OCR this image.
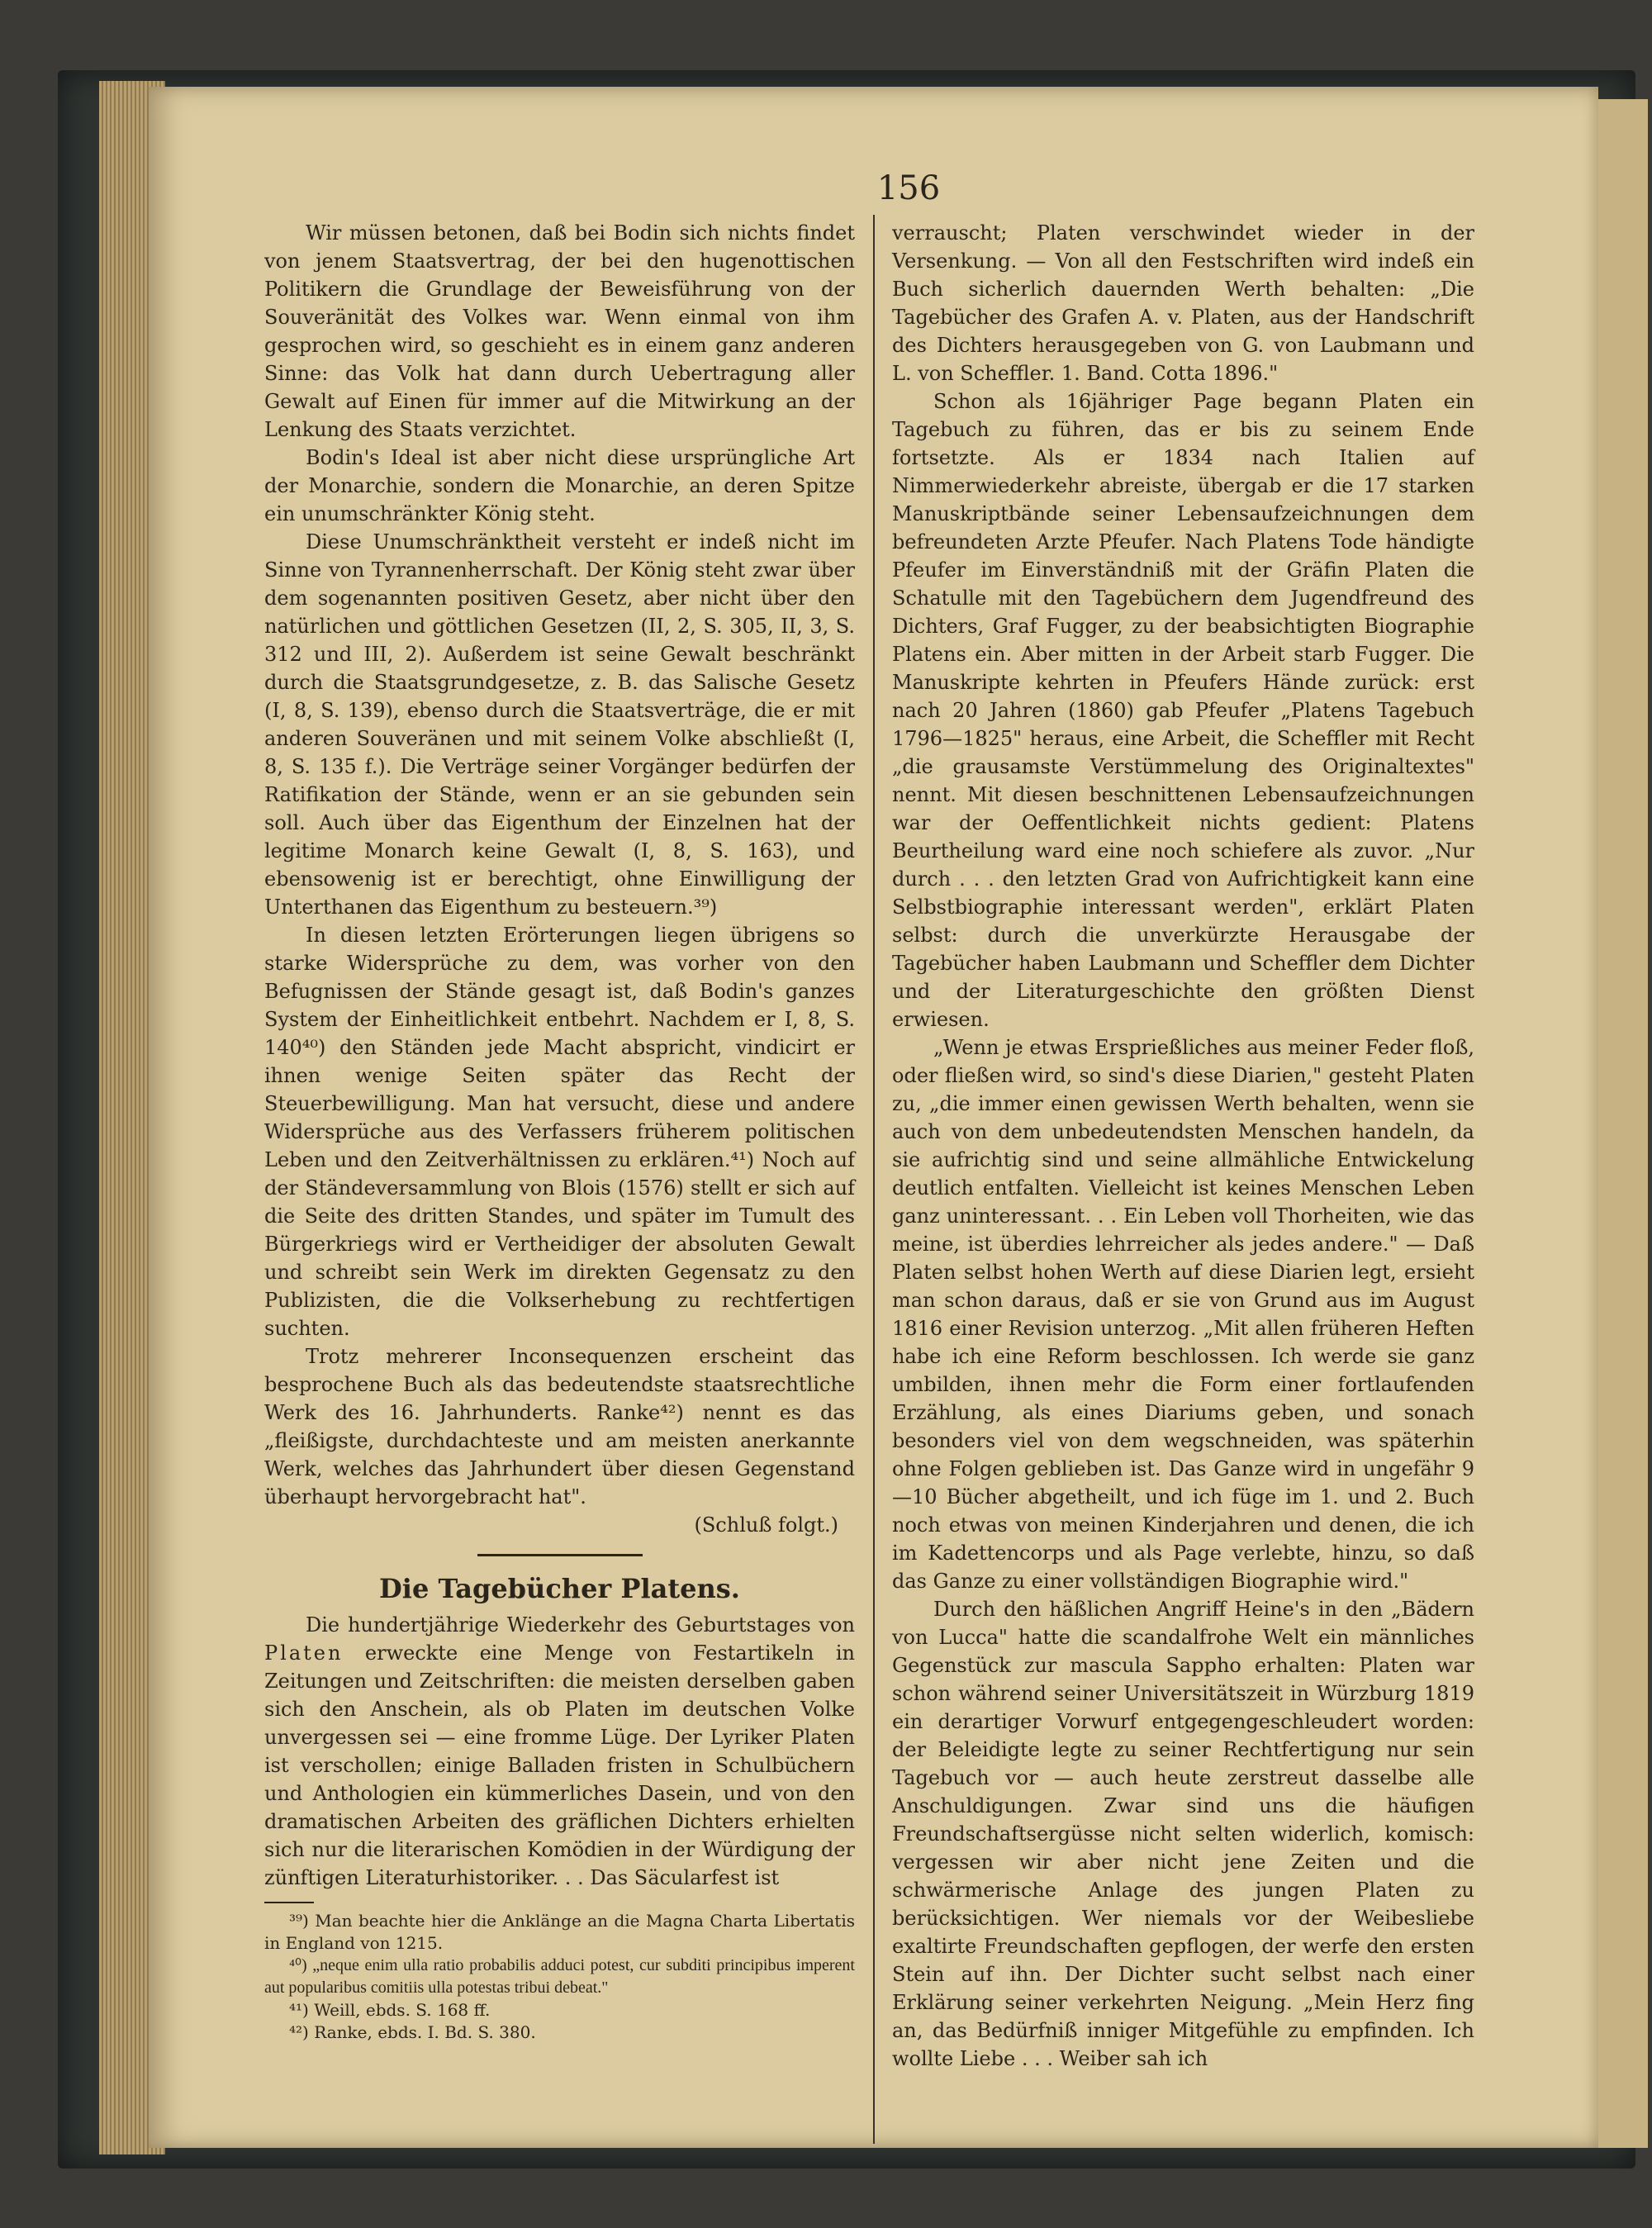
156

Wir müssen betonen, daß bei Bodin sich nichts findet von jenem Staatsvertrag, der bei den hugenottischen Politikern die Grundlage der Beweisführung von der Souveränität des Volkes war. Wenn einmal von ihm gesprochen wird, so geschieht es in einem ganz anderen Sinne: das Volk hat dann durch Uebertragung aller Gewalt auf Einen für immer auf die Mitwirkung an der Lenkung des Staats verzichtet.

Bodin's Ideal ist aber nicht diese ursprüngliche Art der Monarchie, sondern die Monarchie, an deren Spitze ein unumschränkter König steht.

Diese Unumschränktheit versteht er indeß nicht im Sinne von Tyrannenherrschaft. Der König steht zwar über dem sogenannten positiven Gesetz, aber nicht über den natürlichen und göttlichen Gesetzen (II, 2, S. 305, II, 3, S. 312 und III, 2). Außerdem ist seine Gewalt beschränkt durch die Staatsgrundgesetze, z. B. das Salische Gesetz (I, 8, S. 139), ebenso durch die Staatsverträge, die er mit anderen Souveränen und mit seinem Volke abschließt (I, 8, S. 135 f.). Die Verträge seiner Vorgänger bedürfen der Ratifikation der Stände, wenn er an sie gebunden sein soll. Auch über das Eigenthum der Einzelnen hat der legitime Monarch keine Gewalt (I, 8, S. 163), und ebensowenig ist er berechtigt, ohne Einwilligung der Unterthanen das Eigenthum zu besteuern.³⁹)

In diesen letzten Erörterungen liegen übrigens so starke Widersprüche zu dem, was vorher von den Befugnissen der Stände gesagt ist, daß Bodin's ganzes System der Einheitlichkeit entbehrt. Nachdem er I, 8, S. 140⁴⁰) den Ständen jede Macht abspricht, vindicirt er ihnen wenige Seiten später das Recht der Steuerbewilligung. Man hat versucht, diese und andere Widersprüche aus des Verfassers früherem politischen Leben und den Zeitverhältnissen zu erklären.⁴¹) Noch auf der Ständeversammlung von Blois (1576) stellt er sich auf die Seite des dritten Standes, und später im Tumult des Bürgerkriegs wird er Vertheidiger der absoluten Gewalt und schreibt sein Werk im direkten Gegensatz zu den Publizisten, die die Volkserhebung zu rechtfertigen suchten.

Trotz mehrerer Inconsequenzen erscheint das besprochene Buch als das bedeutendste staatsrechtliche Werk des 16. Jahrhunderts. Ranke⁴²) nennt es das „fleißigste, durchdachteste und am meisten anerkannte Werk, welches das Jahrhundert über diesen Gegenstand überhaupt hervorgebracht hat".

(Schluß folgt.)

Die Tagebücher Platens.

Die hundertjährige Wiederkehr des Geburtstages von Platen erweckte eine Menge von Festartikeln in Zeitungen und Zeitschriften: die meisten derselben gaben sich den Anschein, als ob Platen im deutschen Volke unvergessen sei — eine fromme Lüge. Der Lyriker Platen ist verschollen; einige Balladen fristen in Schulbüchern und Anthologien ein kümmerliches Dasein, und von den dramatischen Arbeiten des gräflichen Dichters erhielten sich nur die literarischen Komödien in der Würdigung der zünftigen Literaturhistoriker. . . Das Säcularfest ist

³⁹) Man beachte hier die Anklänge an die Magna Charta Libertatis in England von 1215.

⁴⁰) „neque enim ulla ratio probabilis adduci potest, cur subditi principibus imperent aut popularibus comitiis ulla potestas tribui debeat."

⁴¹) Weill, ebds. S. 168 ff.

⁴²) Ranke, ebds. I. Bd. S. 380.

verrauscht; Platen verschwindet wieder in der Versenkung. — Von all den Festschriften wird indeß ein Buch sicherlich dauernden Werth behalten: „Die Tagebücher des Grafen A. v. Platen, aus der Handschrift des Dichters herausgegeben von G. von Laubmann und L. von Scheffler. 1. Band. Cotta 1896."

Schon als 16jähriger Page begann Platen ein Tagebuch zu führen, das er bis zu seinem Ende fortsetzte. Als er 1834 nach Italien auf Nimmerwiederkehr abreiste, übergab er die 17 starken Manuskriptbände seiner Lebensaufzeichnungen dem befreundeten Arzte Pfeufer. Nach Platens Tode händigte Pfeufer im Einverständniß mit der Gräfin Platen die Schatulle mit den Tagebüchern dem Jugendfreund des Dichters, Graf Fugger, zu der beabsichtigten Biographie Platens ein. Aber mitten in der Arbeit starb Fugger. Die Manuskripte kehrten in Pfeufers Hände zurück: erst nach 20 Jahren (1860) gab Pfeufer „Platens Tagebuch 1796—1825" heraus, eine Arbeit, die Scheffler mit Recht „die grausamste Verstümmelung des Originaltextes" nennt. Mit diesen beschnittenen Lebensaufzeichnungen war der Oeffentlichkeit nichts gedient: Platens Beurtheilung ward eine noch schiefere als zuvor. „Nur durch . . . den letzten Grad von Aufrichtigkeit kann eine Selbstbiographie interessant werden", erklärt Platen selbst: durch die unverkürzte Herausgabe der Tagebücher haben Laubmann und Scheffler dem Dichter und der Literaturgeschichte den größten Dienst erwiesen.

„Wenn je etwas Ersprießliches aus meiner Feder floß, oder fließen wird, so sind's diese Diarien," gesteht Platen zu, „die immer einen gewissen Werth behalten, wenn sie auch von dem unbedeutendsten Menschen handeln, da sie aufrichtig sind und seine allmähliche Entwickelung deutlich entfalten. Vielleicht ist keines Menschen Leben ganz uninteressant. . . Ein Leben voll Thorheiten, wie das meine, ist überdies lehrreicher als jedes andere." — Daß Platen selbst hohen Werth auf diese Diarien legt, ersieht man schon daraus, daß er sie von Grund aus im August 1816 einer Revision unterzog. „Mit allen früheren Heften habe ich eine Reform beschlossen. Ich werde sie ganz umbilden, ihnen mehr die Form einer fortlaufenden Erzählung, als eines Diariums geben, und sonach besonders viel von dem wegschneiden, was späterhin ohne Folgen geblieben ist. Das Ganze wird in ungefähr 9—10 Bücher abgetheilt, und ich füge im 1. und 2. Buch noch etwas von meinen Kinderjahren und denen, die ich im Kadettencorps und als Page verlebte, hinzu, so daß das Ganze zu einer vollständigen Biographie wird."

Durch den häßlichen Angriff Heine's in den „Bädern von Lucca" hatte die scandalfrohe Welt ein männliches Gegenstück zur mascula Sappho erhalten: Platen war schon während seiner Universitätszeit in Würzburg 1819 ein derartiger Vorwurf entgegengeschleudert worden: der Beleidigte legte zu seiner Rechtfertigung nur sein Tagebuch vor — auch heute zerstreut dasselbe alle Anschuldigungen. Zwar sind uns die häufigen Freundschaftsergüsse nicht selten widerlich, komisch: vergessen wir aber nicht jene Zeiten und die schwärmerische Anlage des jungen Platen zu berücksichtigen. Wer niemals vor der Weibesliebe exaltirte Freundschaften gepflogen, der werfe den ersten Stein auf ihn. Der Dichter sucht selbst nach einer Erklärung seiner verkehrten Neigung. „Mein Herz fing an, das Bedürfniß inniger Mitgefühle zu empfinden. Ich wollte Liebe . . . Weiber sah ich
